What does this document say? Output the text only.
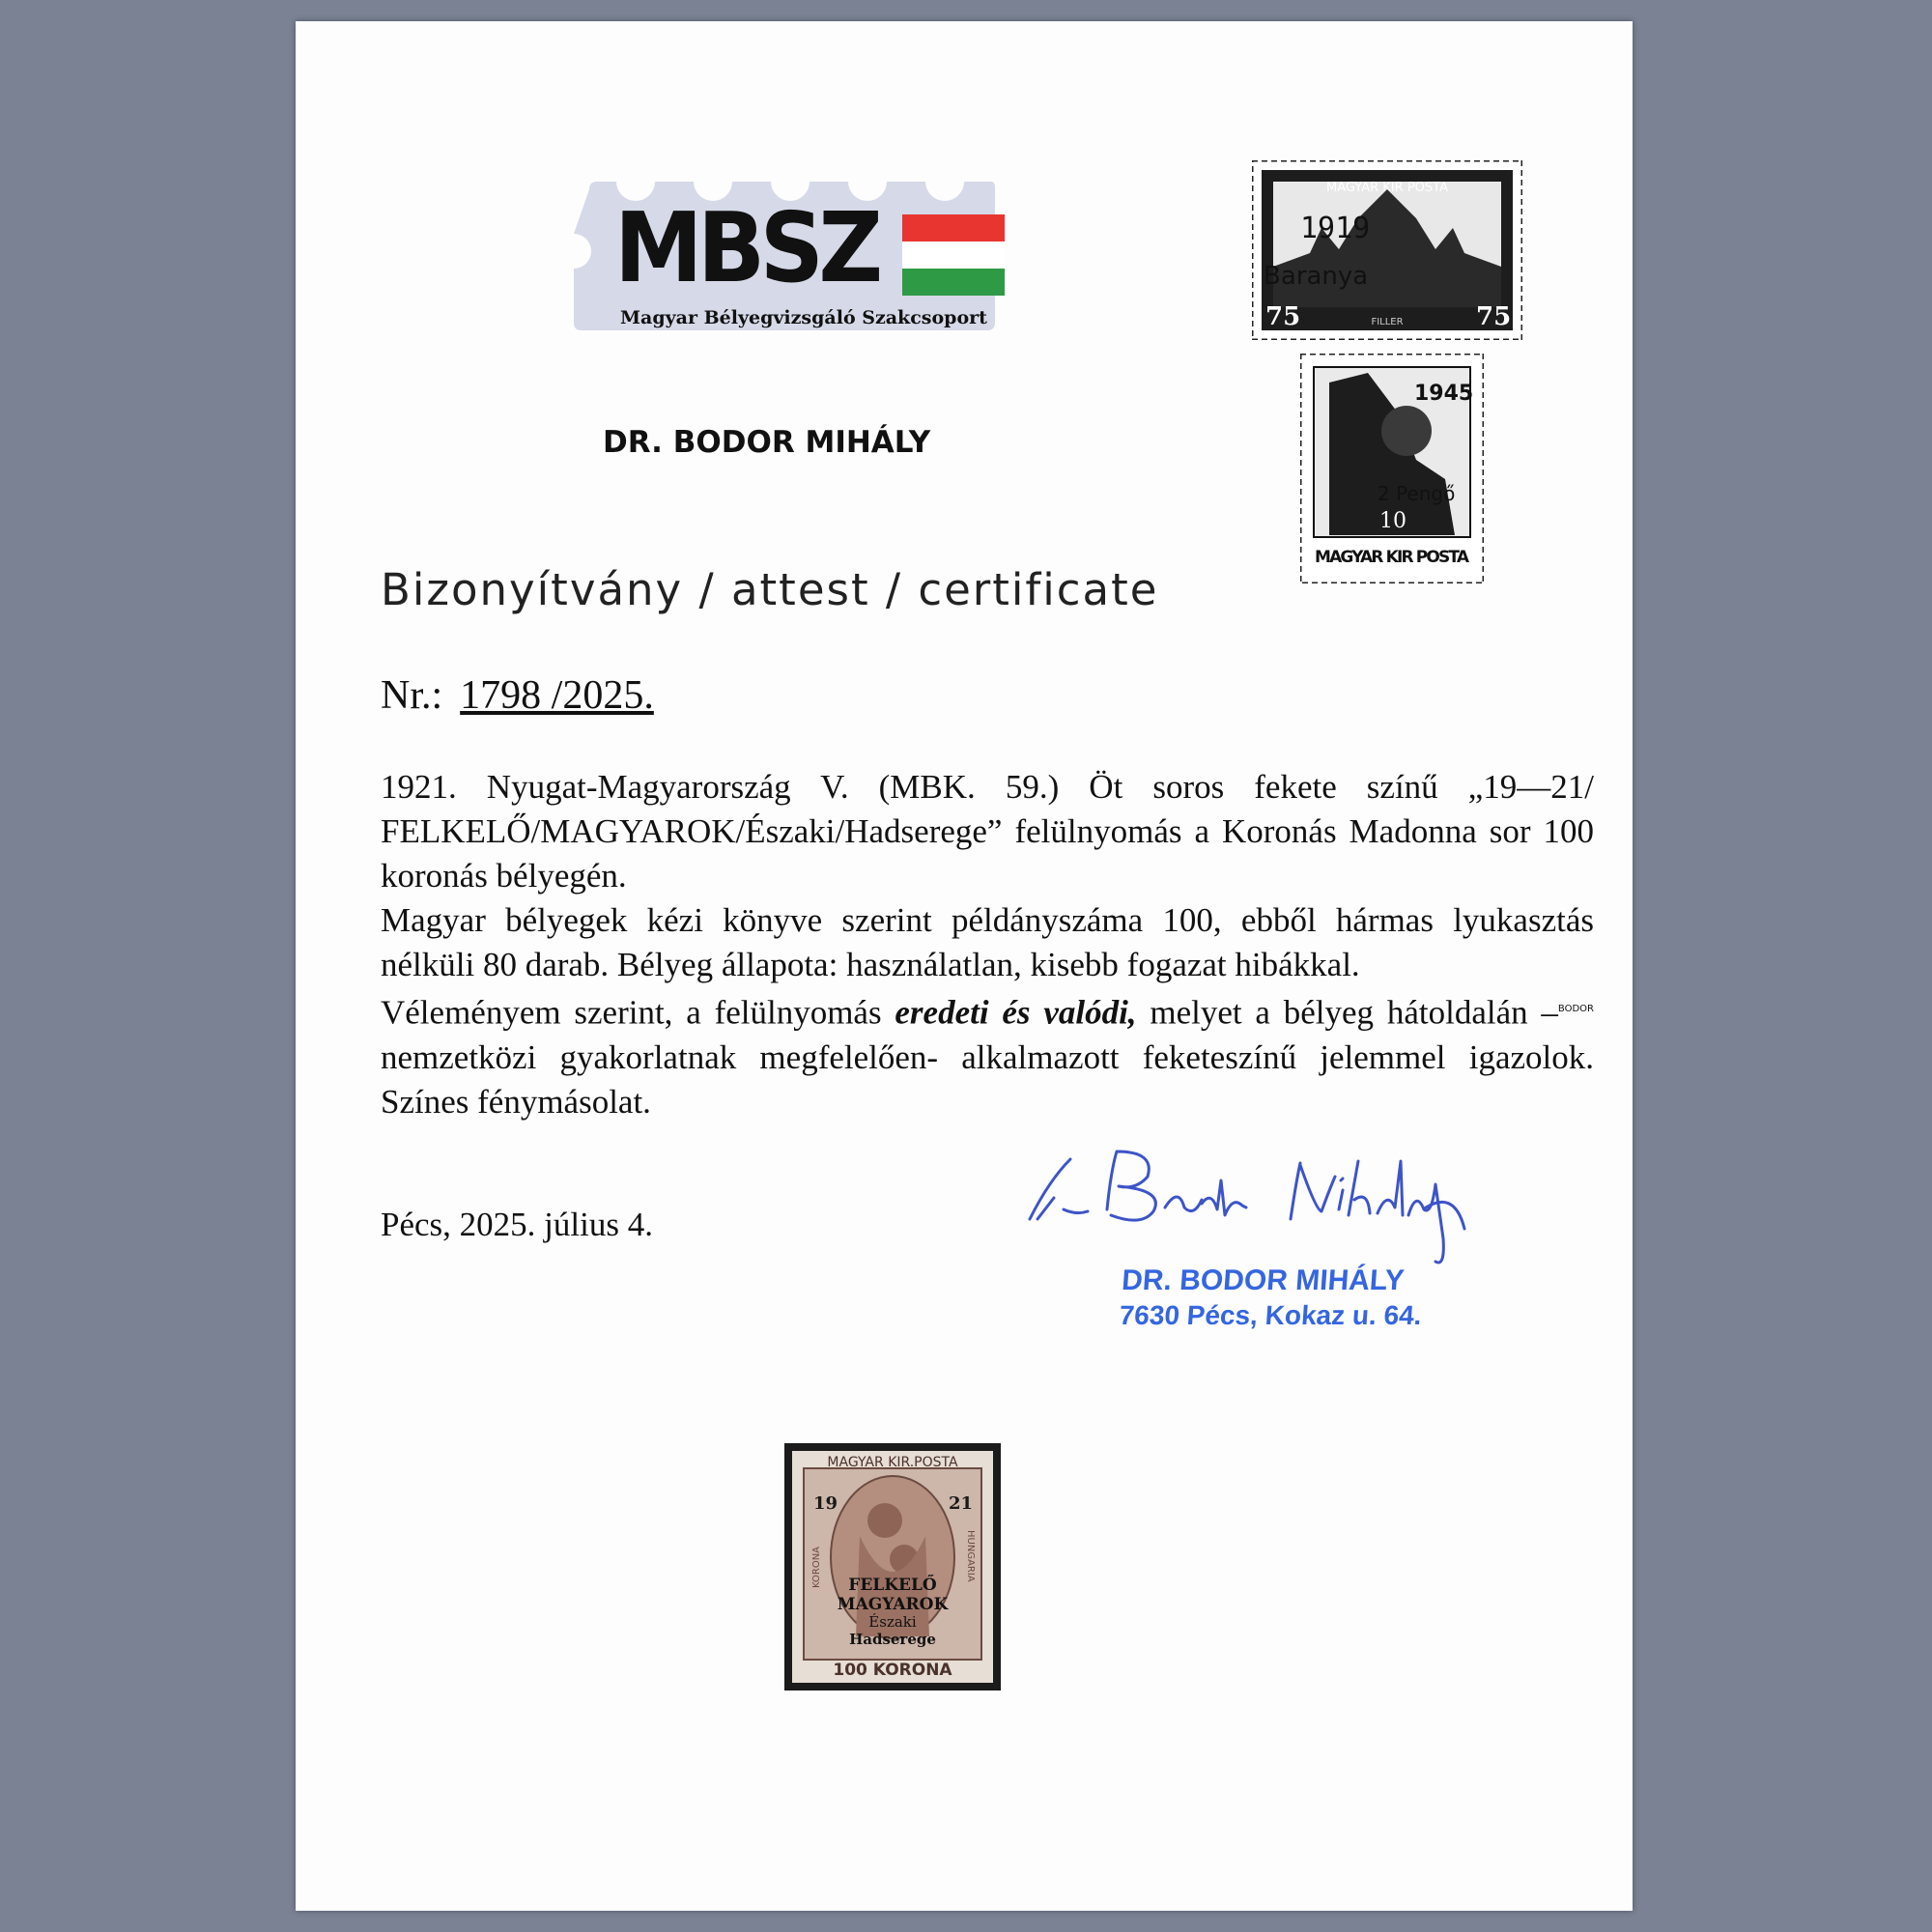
MBSZ
Magyar Bélyegvizsgáló Szakcsoport
DR. BODOR MIHÁLY
MAGYAR KIR POSTA
1919
Baranya
75	75
FILLER
1945
2 Pengő
10
MAGYAR KIR POSTA
Bizonyítvány / attest / certificate
Nr.: 1798 /2025.

1921. Nyugat-Magyarország V. (MBK. 59.) Öt soros fekete színű „19—21/ FELKELŐ/MAGYAROK/Északi/Hadserege” felülnyomás a Koronás Madonna sor 100 koronás bélyegén.

Magyar bélyegek kézi könyve szerint példányszáma 100, ebből hármas lyukasztás nélküli 80 darab. Bélyeg állapota: használatlan, kisebb fogazat hibákkal.

Véleményem szerint, a felülnyomás eredeti és valódi, melyet a bélyeg hátoldalán –$^{BODOR}$ nemzetközi gyakorlatnak megfelelően- alkalmazott feketeszínű jelemmel igazolok. Színes fénymásolat.

Pécs, 2025. július 4.
DR. BODOR MIHÁLY
7630 Pécs, Kokaz u. 64.
MAGYAR KIR.POSTA
19	21
KORONA	HUNGARIA
FELKELŐ
MAGYAROK
Északi
Hadserege
100 KORONA
